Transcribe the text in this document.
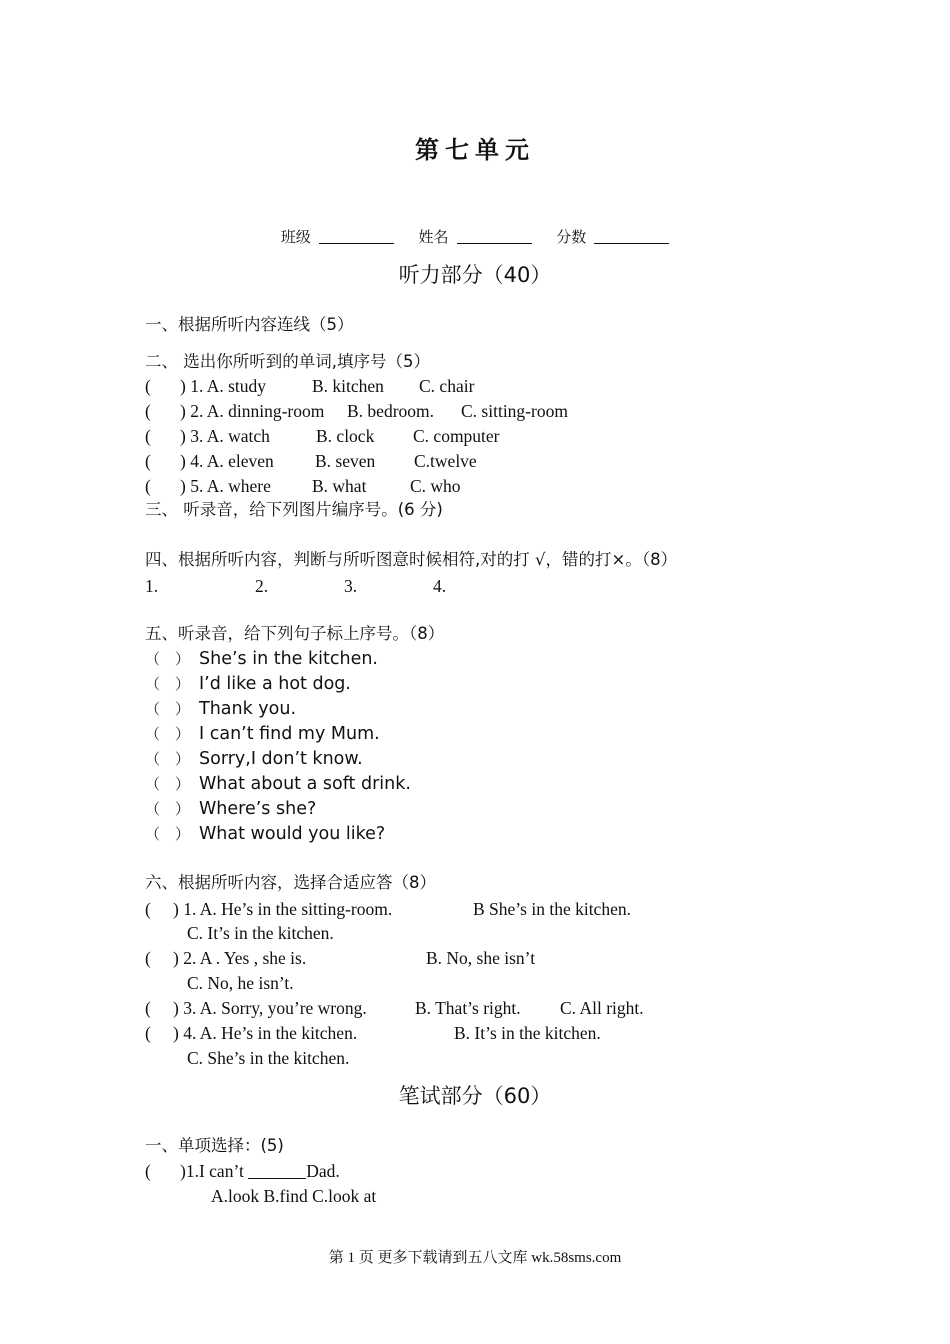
第七单元
班级	姓名	分数
听力部分（40）
一、根据所听内容连线（5）
二、 选出你所听到的单词,填序号（5）
( ) 1. A. study	B. kitchen C. chair
( ) 2. A. dinning-room B. bedroom. C. sitting-room
( ) 3. A. watch	B. clock C. computer
( ) 4. A. eleven B. seven C.twelve
( ) 5. A. where B. what C. who
三、 听录音，给下列图片编序号。(6 分)
四、根据所听内容，判断与所听图意时候相符,对的打 √，错的打×。（8）
1.	2.	3.	4.
五、听录音，给下列句子标上序号。（8）
（　） She’s in the kitchen.
（　） I’d like a hot dog.
（　） Thank you.
（　） I can’t find my Mum.
（　） Sorry,I don’t know.
（　） What about a soft drink.
（　） Where’s she?
（　） What would you like?
六、根据所听内容，选择合适应答（8）
( ) 1. A. He’s in the sitting-room.	B She’s in the kitchen.
C. It’s in the kitchen.
( ) 2. A . Yes , she is.	B. No, she isn’t
C. No, he isn’t.
( ) 3. A. Sorry, you’re wrong.	B. That’s right. C. All right.
( ) 4. A. He’s in the kitchen.	B. It’s in the kitchen.
C. She’s in the kitchen.
笔试部分（60）
一、单项选择：(5)
( )1.I can’t	Dad.
A.look B.find C.look at
第 1 页 更多下载请到五八文库 wk.58sms.com
